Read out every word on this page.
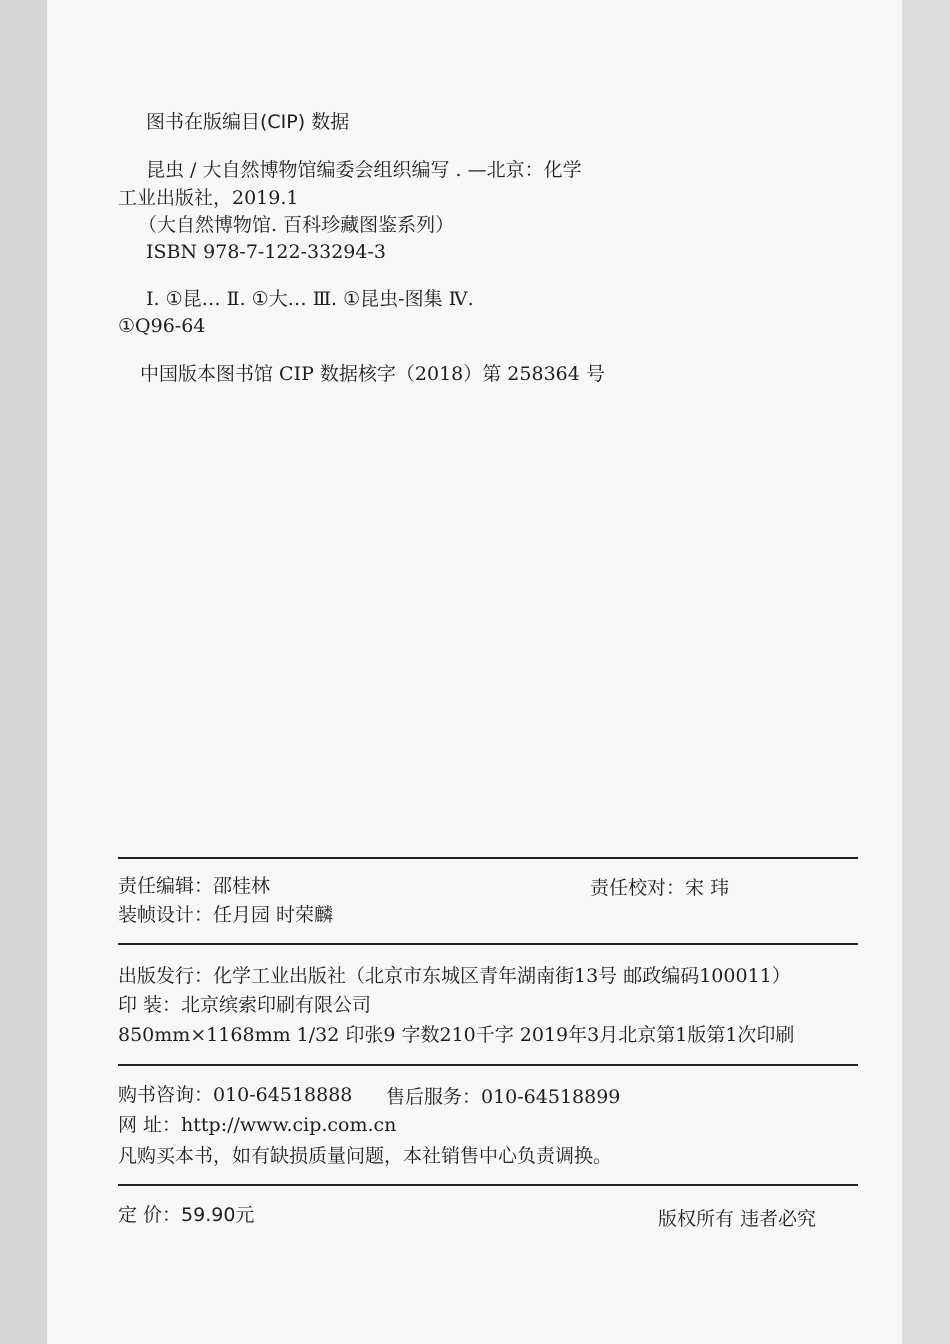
图书在版编目(CIP) 数据
昆虫 / 大自然博物馆编委会组织编写 . —北京：化学
工业出版社，2019.1
（大自然博物馆. 百科珍藏图鉴系列）
ISBN 978-7-122-33294-3
Ⅰ. ①昆… Ⅱ. ①大… Ⅲ. ①昆虫-图集 Ⅳ.
①Q96-64
中国版本图书馆 CIP 数据核字（2018）第 258364 号
责任编辑：邵桂林	责任校对：宋 玮
装帧设计：任月园 时荣麟
出版发行：化学工业出版社（北京市东城区青年湖南街13号 邮政编码100011）
印 装：北京缤索印刷有限公司
850mm×1168mm 1/32 印张9 字数210千字 2019年3月北京第1版第1次印刷
购书咨询：010-64518888 售后服务：010-64518899
网 址：http://www.cip.com.cn
凡购买本书，如有缺损质量问题，本社销售中心负责调换。
定 价：59.90元	版权所有 违者必究
